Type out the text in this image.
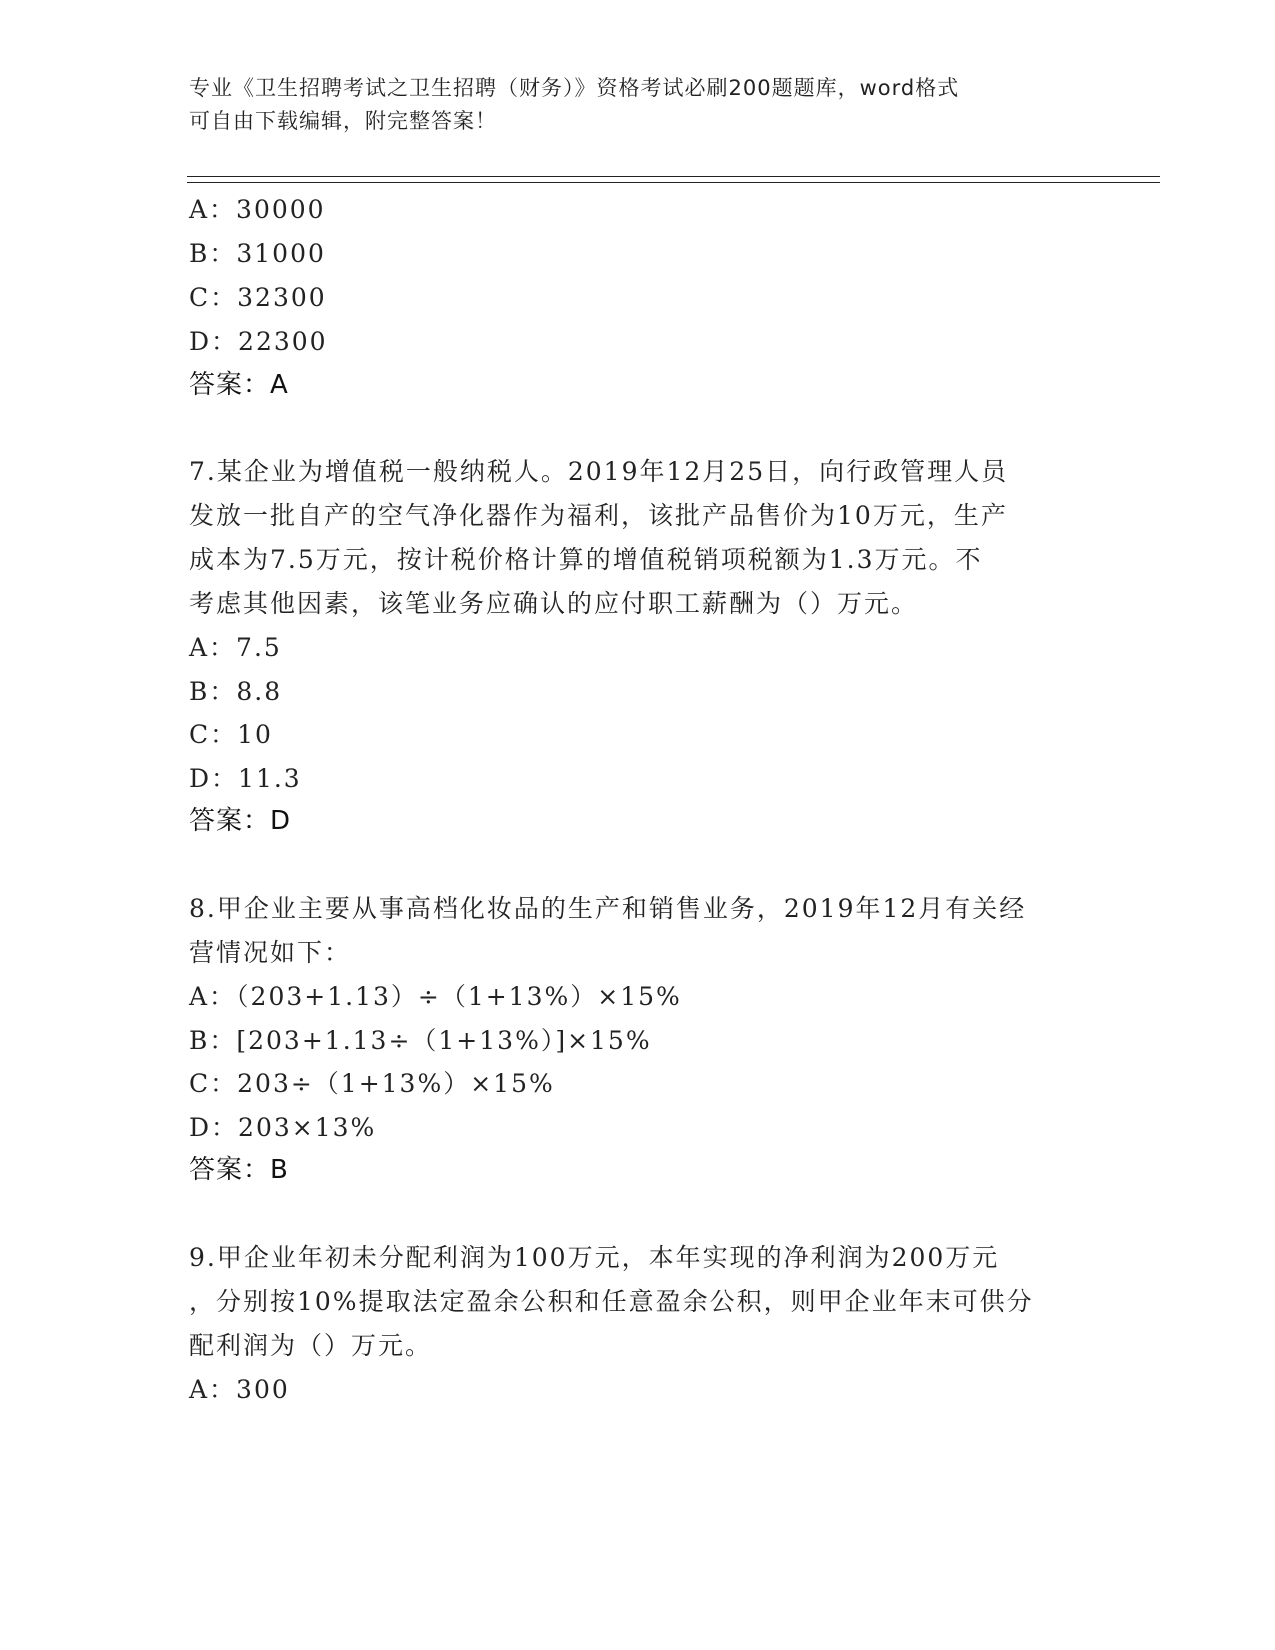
专业《卫生招聘考试之卫生招聘（财务）》资格考试必刷200题题库，word格式
可自由下载编辑，附完整答案！
A：30000
B：31000
C：32300
D：22300
答案：A
7.某企业为增值税一般纳税人。2019年12月25日，向行政管理人员
发放一批自产的空气净化器作为福利，该批产品售价为10万元，生产
成本为7.5万元，按计税价格计算的增值税销项税额为1.3万元。不
考虑其他因素，该笔业务应确认的应付职工薪酬为（）万元。
A：7.5
B：8.8
C：10
D：11.3
答案：D
8.甲企业主要从事高档化妆品的生产和销售业务，2019年12月有关经
营情况如下：
A：（203+1.13）÷（1+13%）×15%
B：[203+1.13÷（1+13%）]×15%
C：203÷（1+13%）×15%
D：203×13%
答案：B
9.甲企业年初未分配利润为100万元，本年实现的净利润为200万元
，分别按10%提取法定盈余公积和任意盈余公积，则甲企业年末可供分
配利润为（）万元。
A：300
